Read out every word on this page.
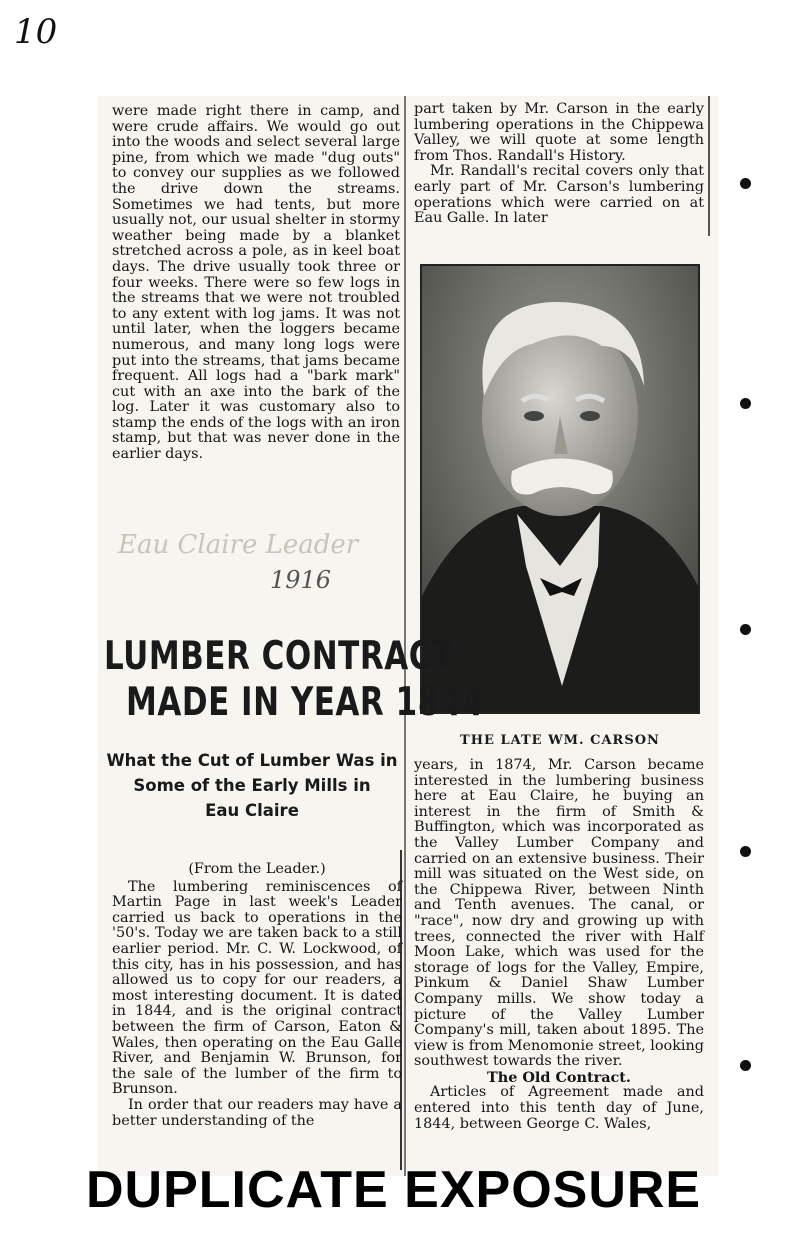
10

were made right there in camp, and were crude affairs. We would go out into the woods and select several large pine, from which we made "dug outs" to convey our supplies as we followed the drive down the streams. Sometimes we had tents, but more usually not, our usual shelter in stormy weather being made by a blanket stretched across a pole, as in keel boat days. The drive usually took three or four weeks. There were so few logs in the streams that we were not troubled to any extent with log jams. It was not until later, when the loggers became numerous, and many long logs were put into the streams, that jams became frequent. All logs had a "bark mark" cut with an axe into the bark of the log. Later it was customary also to stamp the ends of the logs with an iron stamp, but that was never done in the earlier days.

part taken by Mr. Carson in the early lumbering operations in the Chippewa Valley, we will quote at some length from Thos. Randall's History.

Mr. Randall's recital covers only that early part of Mr. Carson's lumbering operations which were carried on at Eau Galle. In later

Eau Claire Leader
1916
THE LATE WM. CARSON
LUMBER CONTRACT
MADE IN YEAR 1844
What the Cut of Lumber Was in
Some of the Early Mills in
Eau Claire

(From the Leader.)

The lumbering reminiscences of Martin Page in last week's Leader carried us back to operations in the '50's. Today we are taken back to a still earlier period. Mr. C. W. Lockwood, of this city, has in his possession, and has allowed us to copy for our readers, a most interesting document. It is dated in 1844, and is the original contract between the firm of Carson, Eaton & Wales, then operating on the Eau Galle River, and Benjamin W. Brunson, for the sale of the lumber of the firm to Brunson.

In order that our readers may have a better understanding of the

years, in 1874, Mr. Carson became interested in the lumbering business here at Eau Claire, he buying an interest in the firm of Smith & Buffington, which was incorporated as the Valley Lumber Company and carried on an extensive business. Their mill was situated on the West side, on the Chippewa River, between Ninth and Tenth avenues. The canal, or "race", now dry and growing up with trees, connected the river with Half Moon Lake, which was used for the storage of logs for the Valley, Empire, Pinkum & Daniel Shaw Lumber Company mills. We show today a picture of the Valley Lumber Company's mill, taken about 1895. The view is from Menomonie street, looking southwest towards the river.

The Old Contract.

Articles of Agreement made and entered into this tenth day of June, 1844, between George C. Wales,

DUPLICATE EXPOSURE
